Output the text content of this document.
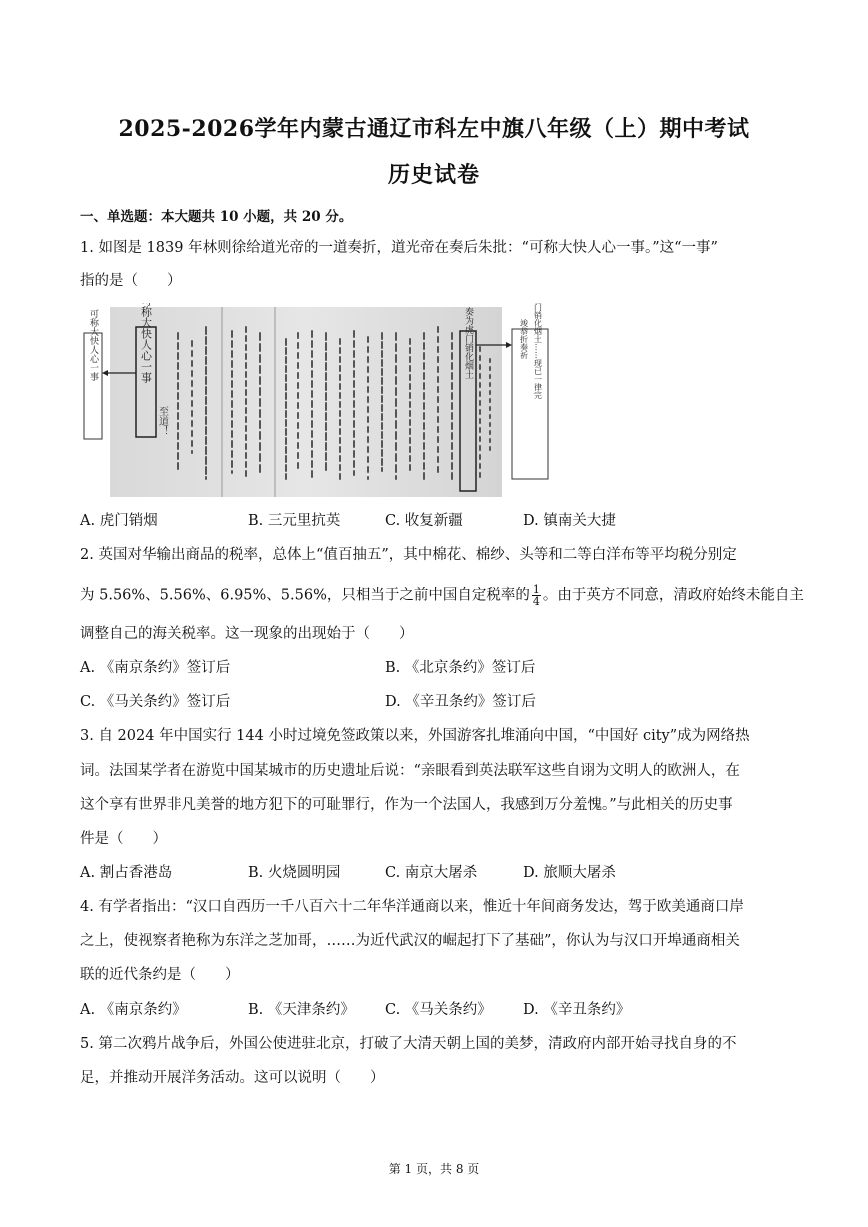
2025-2026学年内蒙古通辽市科左中旗八年级（上）期中考试
历史试卷
一、单选题：本大题共 10 小题，共 20 分。
1. 如图是 1839 年林则徐给道光帝的一道奏折，道光帝在奏后朱批：“可称大快人心一事。”这“一事”
指的是（　　）
可称大快人心一事	可称大快人心一事
至道！
奏为虎门销化烟土	奏为虎门销化烟土……现已一律完
竣恭折奏祈
A. 虎门销烟	B. 三元里抗英	C. 收复新疆	D. 镇南关大捷
2. 英国对华输出商品的税率，总体上“值百抽五”，其中棉花、棉纱、头等和二等白洋布等平均税分别定
为 5.56%、5.56%、6.95%、5.56%，只相当于之前中国自定税率的 $\frac{1}{4}$ 。由于英方不同意，清政府始终未能自主
调整自己的海关税率。这一现象的出现始于（　　）
A. 《南京条约》签订后	B. 《北京条约》签订后
C. 《马关条约》签订后	D. 《辛丑条约》签订后
3. 自 2024 年中国实行 144 小时过境免签政策以来，外国游客扎堆涌向中国，“中国好 city”成为网络热
词。法国某学者在游览中国某城市的历史遗址后说：“亲眼看到英法联军这些自诩为文明人的欧洲人，在
这个享有世界非凡美誉的地方犯下的可耻罪行，作为一个法国人，我感到万分羞愧。”与此相关的历史事
件是（　　）
A. 割占香港岛	B. 火烧圆明园	C. 南京大屠杀	D. 旅顺大屠杀
4. 有学者指出：“汉口自西历一千八百六十二年华洋通商以来，惟近十年间商务发达，驾于欧美通商口岸
之上，使视察者艳称为东洋之芝加哥，……为近代武汉的崛起打下了基础”，你认为与汉口开埠通商相关
联的近代条约是（　　）
A. 《南京条约》	B. 《天津条约》 C. 《马关条约》 D. 《辛丑条约》
5. 第二次鸦片战争后，外国公使进驻北京，打破了大清天朝上国的美梦，清政府内部开始寻找自身的不
足，并推动开展洋务活动。这可以说明（　　）
第 1 页，共 8 页
